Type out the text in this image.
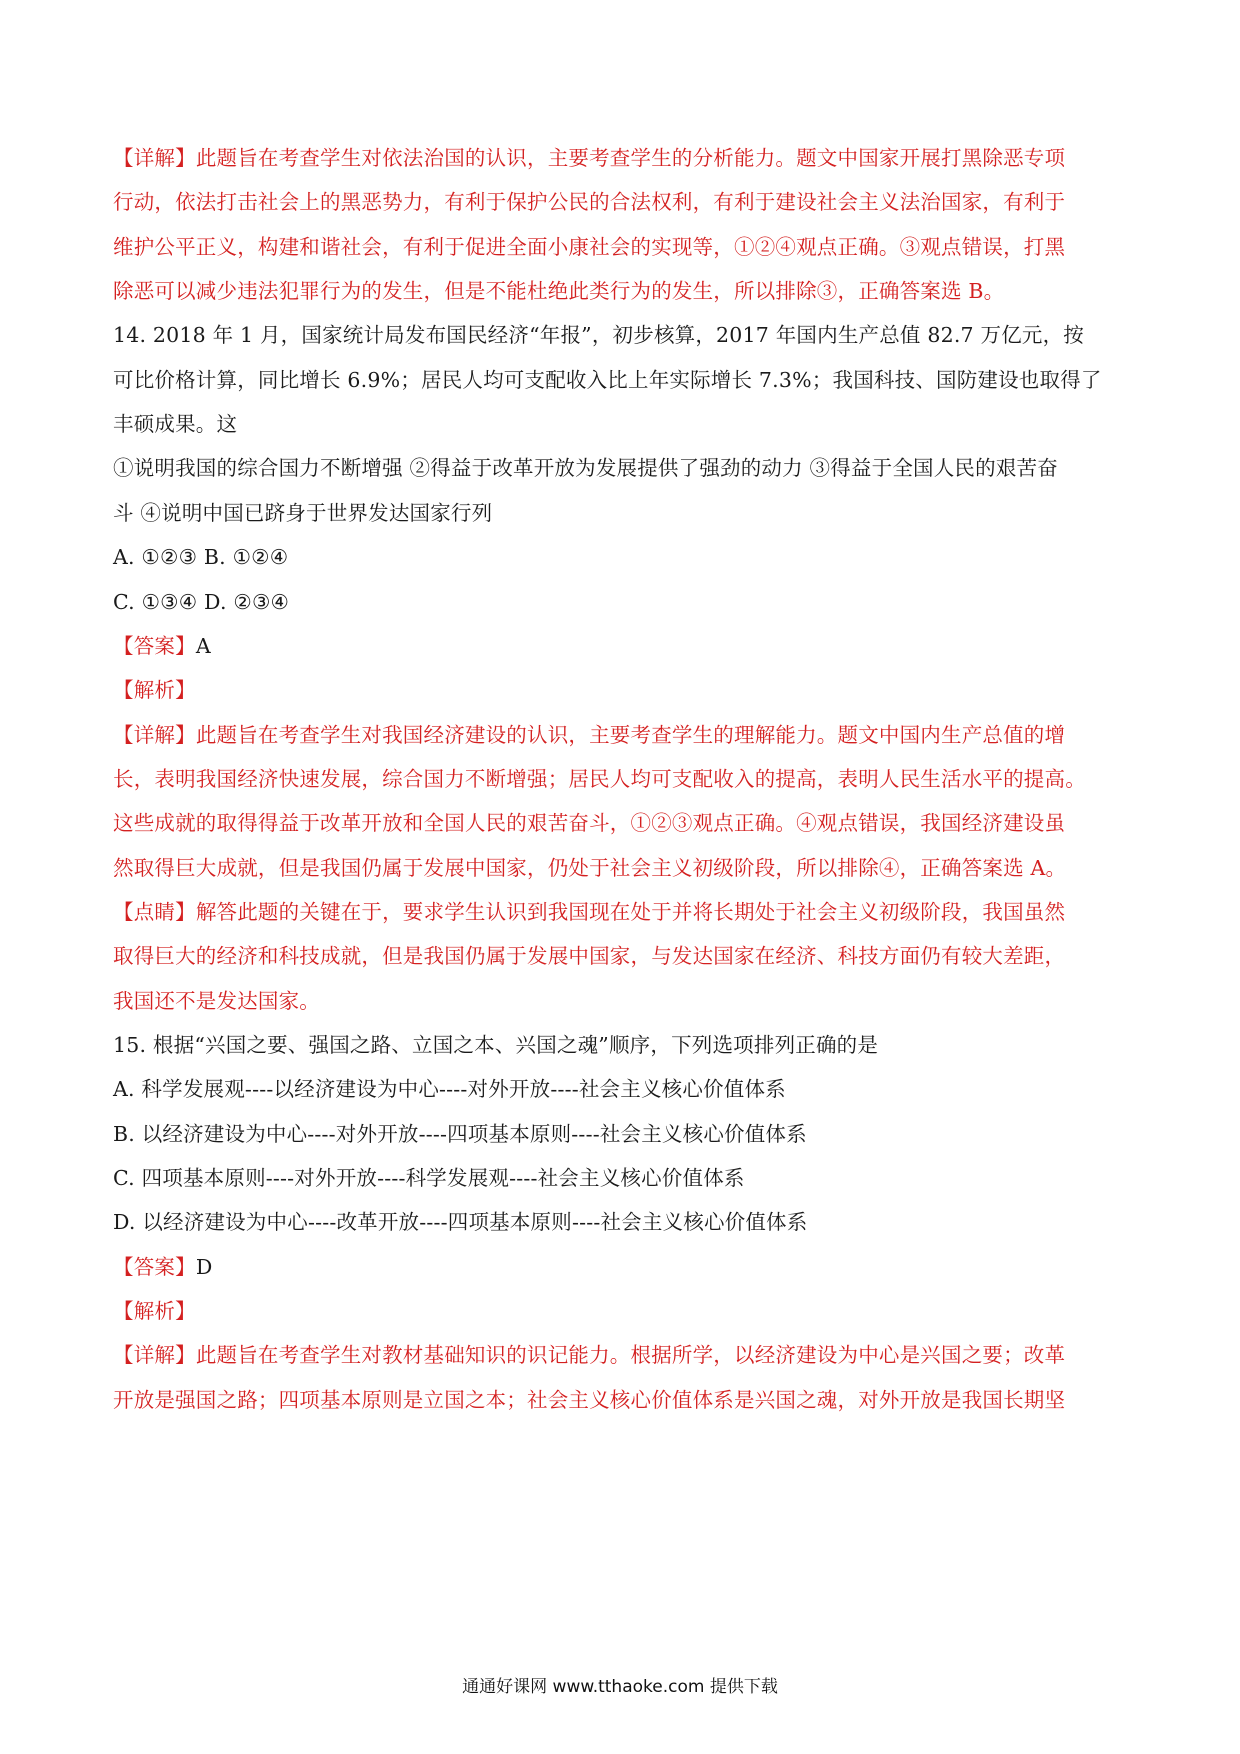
【详解】此题旨在考查学生对依法治国的认识，主要考查学生的分析能力。题文中国家开展打黑除恶专项
行动，依法打击社会上的黑恶势力，有利于保护公民的合法权利，有利于建设社会主义法治国家，有利于
维护公平正义，构建和谐社会，有利于促进全面小康社会的实现等，①②④观点正确。③观点错误，打黑
除恶可以减少违法犯罪行为的发生，但是不能杜绝此类行为的发生，所以排除③，正确答案选 B。
14. 2018 年 1 月，国家统计局发布国民经济“年报”，初步核算，2017 年国内生产总值 82.7 万亿元，按
可比价格计算，同比增长 6.9%；居民人均可支配收入比上年实际增长 7.3%；我国科技、国防建设也取得了
丰硕成果。这
①说明我国的综合国力不断增强 ②得益于改革开放为发展提供了强劲的动力 ③得益于全国人民的艰苦奋
斗 ④说明中国已跻身于世界发达国家行列
A. ①②③ B. ①②④
C. ①③④ D. ②③④
【答案】A
【解析】
【详解】此题旨在考查学生对我国经济建设的认识，主要考查学生的理解能力。题文中国内生产总值的增
长，表明我国经济快速发展，综合国力不断增强；居民人均可支配收入的提高，表明人民生活水平的提高。
这些成就的取得得益于改革开放和全国人民的艰苦奋斗，①②③观点正确。④观点错误，我国经济建设虽
然取得巨大成就，但是我国仍属于发展中国家，仍处于社会主义初级阶段，所以排除④，正确答案选 A。
【点睛】解答此题的关键在于，要求学生认识到我国现在处于并将长期处于社会主义初级阶段，我国虽然
取得巨大的经济和科技成就，但是我国仍属于发展中国家，与发达国家在经济、科技方面仍有较大差距，
我国还不是发达国家。
15. 根据“兴国之要、强国之路、立国之本、兴国之魂”顺序，下列选项排列正确的是
A. 科学发展观----以经济建设为中心----对外开放----社会主义核心价值体系
B. 以经济建设为中心----对外开放----四项基本原则----社会主义核心价值体系
C. 四项基本原则----对外开放----科学发展观----社会主义核心价值体系
D. 以经济建设为中心----改革开放----四项基本原则----社会主义核心价值体系
【答案】D
【解析】
【详解】此题旨在考查学生对教材基础知识的识记能力。根据所学，以经济建设为中心是兴国之要；改革
开放是强国之路；四项基本原则是立国之本；社会主义核心价值体系是兴国之魂，对外开放是我国长期坚
通通好课网 www.tthaoke.com 提供下载
